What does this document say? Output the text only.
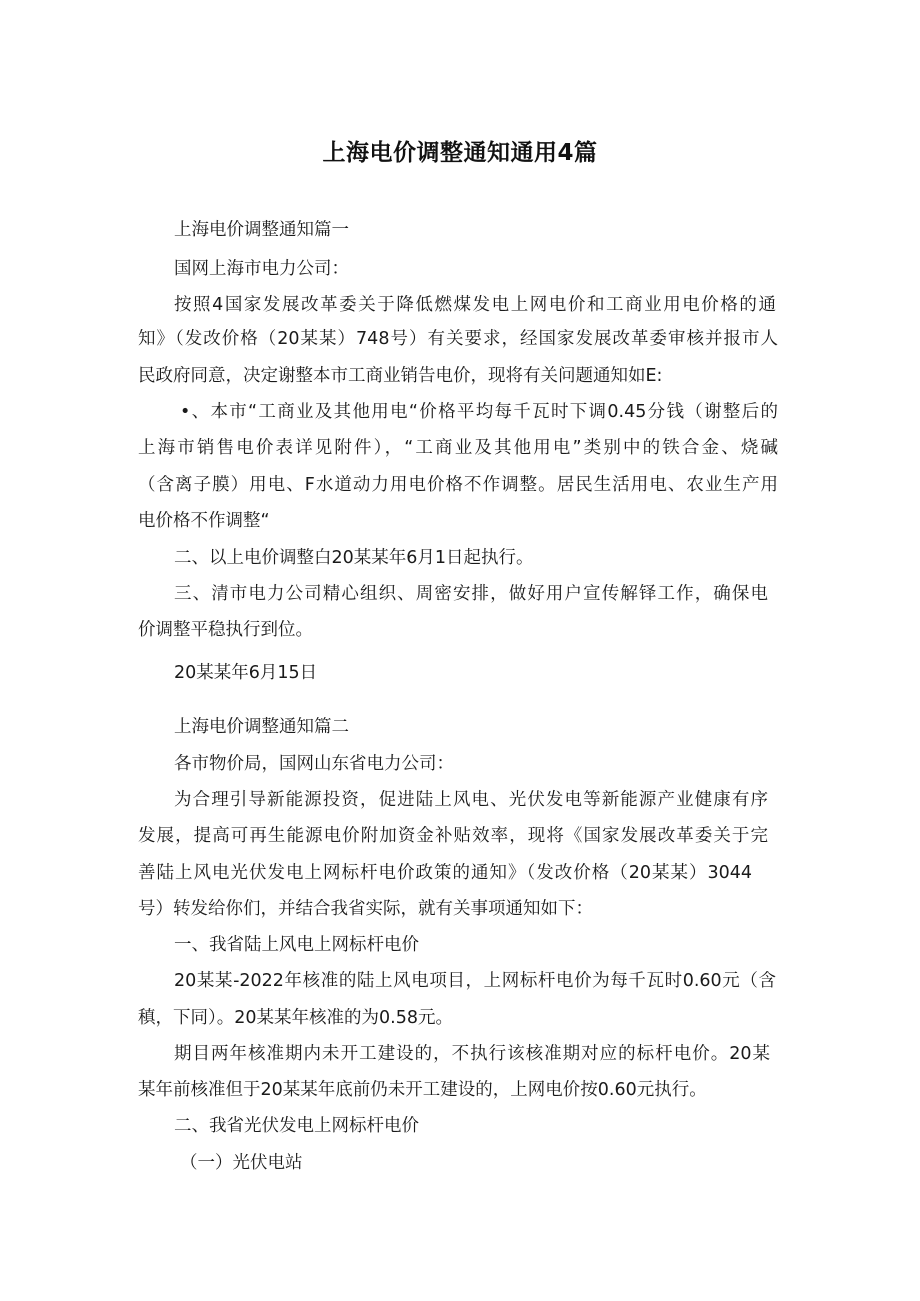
上海电价调整通知通用4篇
上海电价调整通知篇一
国网上海市电力公司：
按照4国家发展改革委关于降低燃煤发电上网电价和工商业用电价格的通
知》（发改价格（20某某）748号）有关要求，经国家发展改革委审核并报市人
民政府同意，决定谢整本市工商业销告电价，现将有关问题通知如E:
•、本市“工商业及其他用电“价格平均每千瓦时下调0.45分钱（谢整后的
上海市销售电价表详见附件），“工商业及其他用电”类别中的铁合金、烧碱
（含离子膜）用电、F水道动力用电价格不作调整。居民生活用电、农业生产用
电价格不作调整“
二、以上电价调整白20某某年6月1日起执行。
三、清市电力公司精心组织、周密安排，做好用户宣传解铎工作，确保电
价调整平稳执行到位。
20某某年6月15日
上海电价调整通知篇二
各市物价局，国网山东省电力公司：
为合理引导新能源投资，促进陆上风电、光伏发电等新能源产业健康有序
发展，提高可再生能源电价附加资金补贴效率，现将《国家发展改革委关于完
善陆上风电光伏发电上网标杆电价政策的通知》（发改价格（20某某）3044
号）转发给你们，并结合我省实际，就有关事项通知如下：
一、我省陆上风电上网标杆电价
20某某-2022年核准的陆上风电项目，上网标杆电价为每千瓦时0.60元（含
稹，下同）。20某某年核准的为0.58元。
期目两年核准期内未开工建设的，不执行该核准期对应的标杆电价。20某
某年前核准但于20某某年底前仍未开工建设的，上网电价按0.60元执行。
二、我省光伏发电上网标杆电价
（一）光伏电站
